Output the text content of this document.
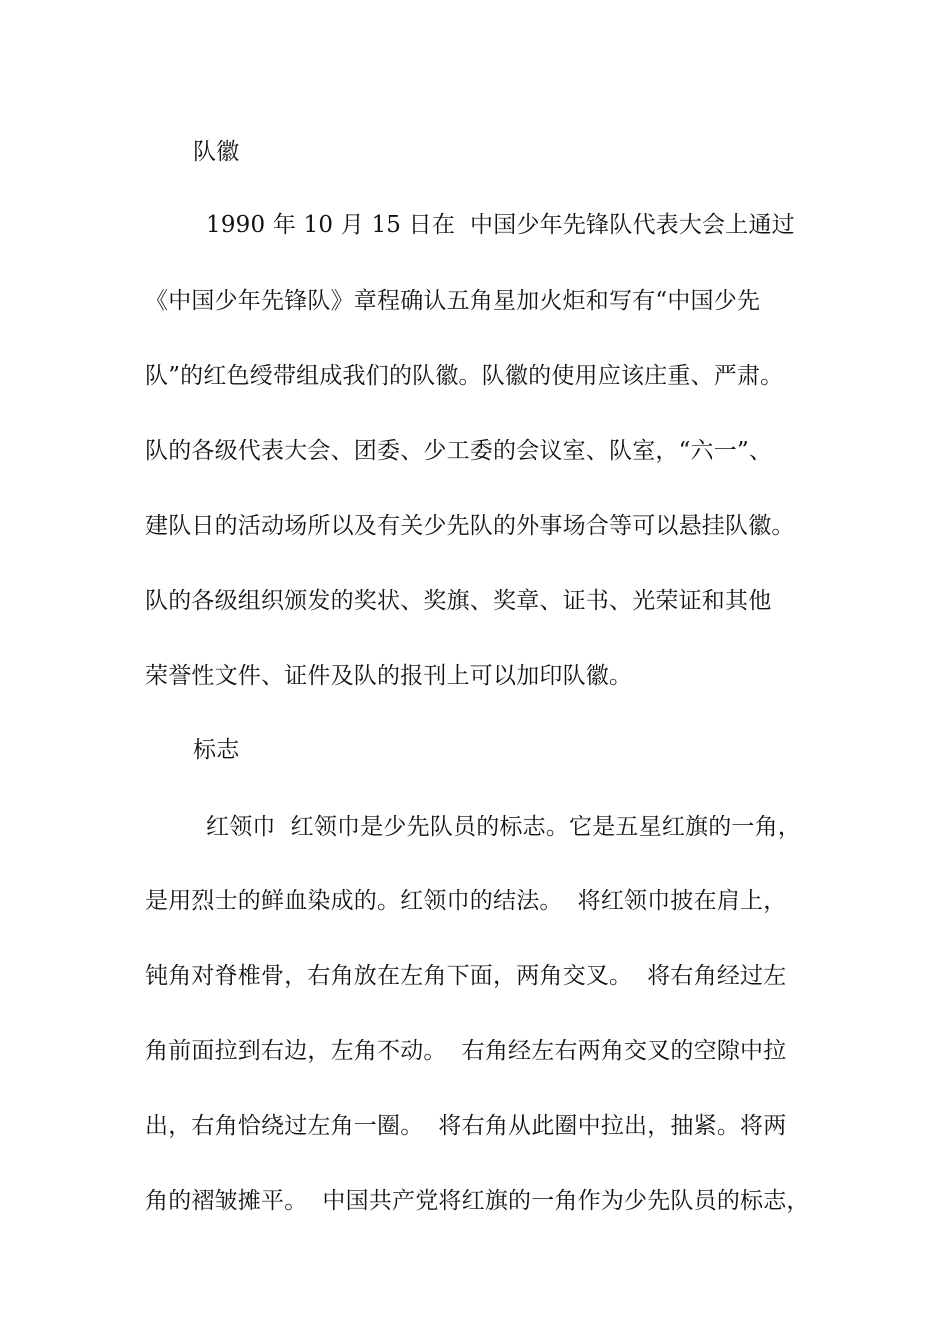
队徽
1990 年 10 月 15 日在  中国少年先锋队代表大会上通过
《中国少年先锋队》章程确认五角星加火炬和写有“中国少先
队”的红色绶带组成我们的队徽。队徽的使用应该庄重、严肃。
队的各级代表大会、团委、少工委的会议室、队室，“六一”、
建队日的活动场所以及有关少先队的外事场合等可以悬挂队徽。
队的各级组织颁发的奖状、奖旗、奖章、证书、光荣证和其他
荣誉性文件、证件及队的报刊上可以加印队徽。
标志
红领巾  红领巾是少先队员的标志。它是五星红旗的一角，
是用烈士的鲜血染成的。红领巾的结法。  将红领巾披在肩上，
钝角对脊椎骨，右角放在左角下面，两角交叉。  将右角经过左
角前面拉到右边，左角不动。  右角经左右两角交叉的空隙中拉
出，右角恰绕过左角一圈。  将右角从此圈中拉出，抽紧。将两
角的褶皱摊平。  中国共产党将红旗的一角作为少先队员的标志，
